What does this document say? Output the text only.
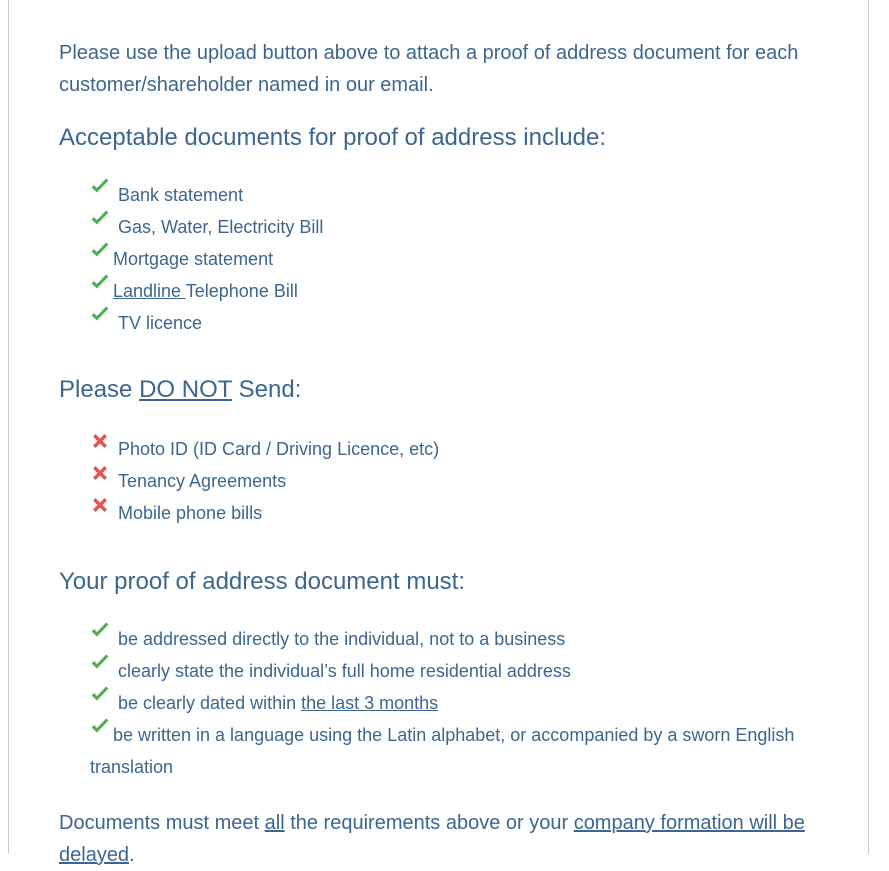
Please use the upload button above to attach a proof of address document for each customer/shareholder named in our email.

Acceptable documents for proof of address include:
Bank statement
Gas, Water, Electricity Bill
Mortgage statement
Landline Telephone Bill
TV licence
Please DO NOT Send:
Photo ID (ID Card / Driving Licence, etc)
Tenancy Agreements
Mobile phone bills
Your proof of address document must:
be addressed directly to the individual, not to a business
clearly state the individual’s full home residential address
be clearly dated within the last 3 months
be written in a language using the Latin alphabet, or accompanied by a sworn English translation

Documents must meet all the requirements above or your company formation will be delayed.
